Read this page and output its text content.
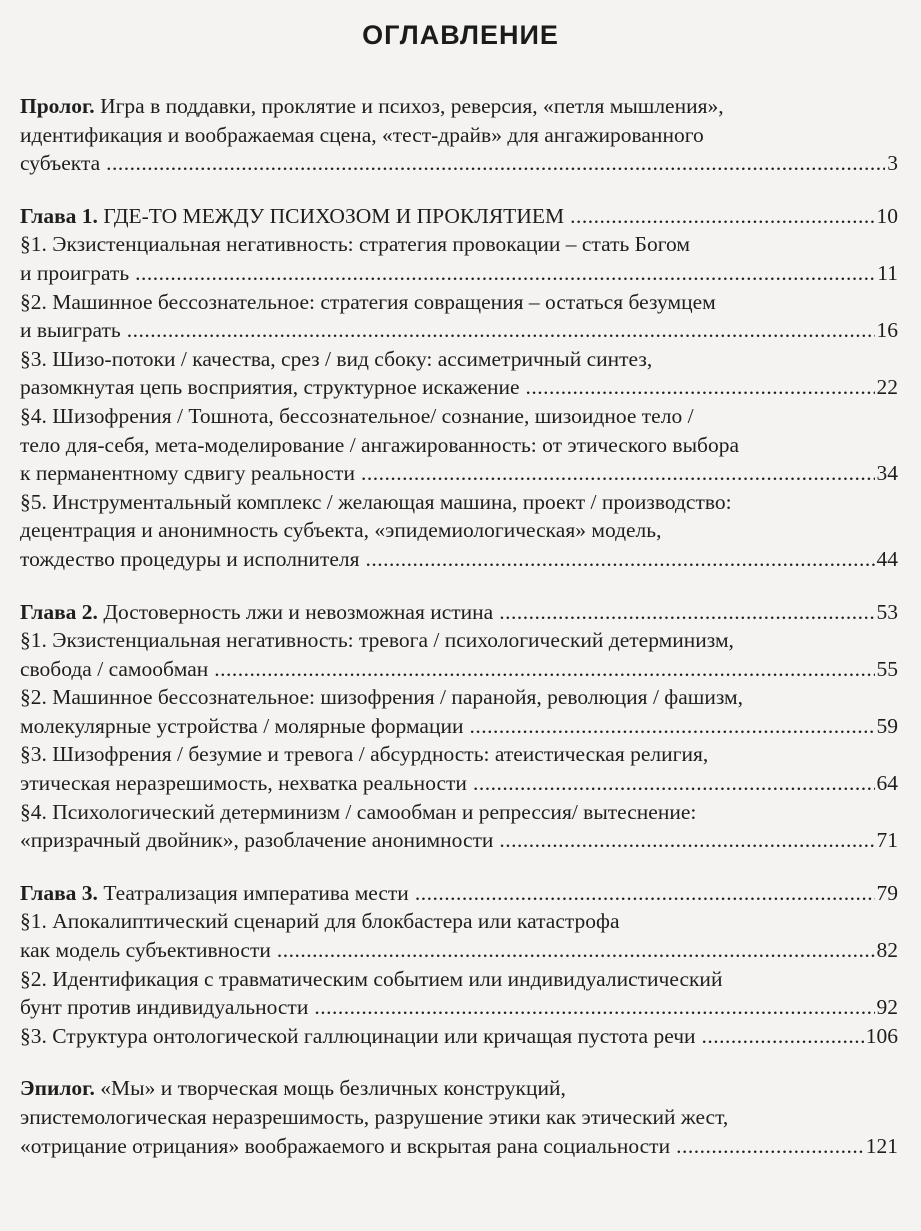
ОГЛАВЛЕНИЕ
Пролог. Игра в поддавки, проклятие и психоз, реверсия, «петля мышления»,
идентификация и воображаемая сцена, «тест-драйв» для ангажированного
субъекта .....	3
Глава 1. ГДЕ-ТО МЕЖДУ ПСИХОЗОМ И ПРОКЛЯТИЕМ .....	10
§1. Экзистенциальная негативность: стратегия провокации – стать Богом
и проиграть .....	11
§2. Машинное бессознательное: стратегия совращения – остаться безумцем
и выиграть .....	16
§3. Шизо-потоки / качества, срез / вид сбоку: ассиметричный синтез,
разомкнутая цепь восприятия, структурное искажение .....	22
§4. Шизофрения / Тошнота, бессознательное/ сознание, шизоидное тело /
тело для-себя, мета-моделирование / ангажированность: от этического выбора
к перманентному сдвигу реальности .....	34
§5. Инструментальный комплекс / желающая машина, проект / производство:
децентрация и анонимность субъекта, «эпидемиологическая» модель,
тождество процедуры и исполнителя .....	44
Глава 2. Достоверность лжи и невозможная истина .....	53
§1. Экзистенциальная негативность: тревога / психологический детерминизм,
свобода / самообман .....	55
§2. Машинное бессознательное: шизофрения / паранойя, революция / фашизм,
молекулярные устройства / молярные формации .....	59
§3. Шизофрения / безумие и тревога / абсурдность: атеистическая религия,
этическая неразрешимость, нехватка реальности .....	64
§4. Психологический детерминизм / самообман и репрессия/ вытеснение:
«призрачный двойник», разоблачение анонимности .....	71
Глава 3. Театрализация императива мести .....	79
§1. Апокалиптический сценарий для блокбастера или катастрофа
как модель субъективности .....	82
§2. Идентификация с травматическим событием или индивидуалистический
бунт против индивидуальности .....	92
§3. Структура онтологической галлюцинации или кричащая пустота речи .....	106
Эпилог. «Мы» и творческая мощь безличных конструкций,
эпистемологическая неразрешимость, разрушение этики как этический жест,
«отрицание отрицания» воображаемого и вскрытая рана социальности .....	121
